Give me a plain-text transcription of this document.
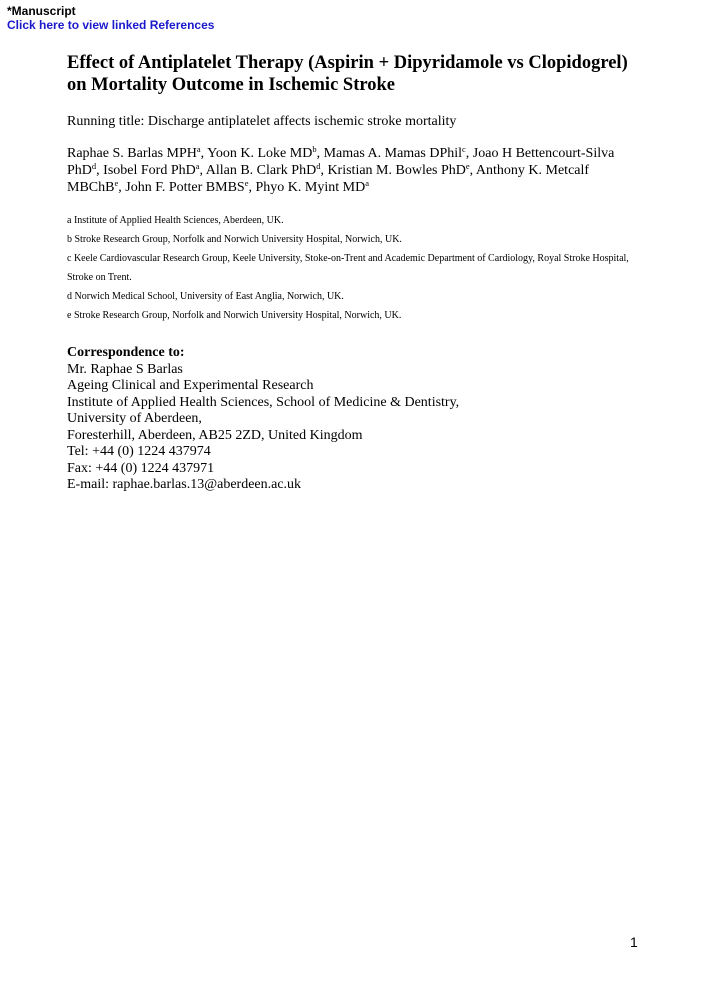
*Manuscript
Click here to view linked References
Effect of Antiplatelet Therapy (Aspirin + Dipyridamole vs Clopidogrel) on Mortality Outcome in Ischemic Stroke
Running title: Discharge antiplatelet affects ischemic stroke mortality
Raphae S. Barlas MPH$^a$, Yoon K. Loke $MD^b$, Mamas A. Mamas DPhil$^c$, Joao H Bettencourt-Silva PhD$^d$, Isobel Ford PhD$^a$, Allan B. Clark PhD$^d$, Kristian M. Bowles PhD$^e$, Anthony K. Metcalf MBChB$^e$, John F. Potter BMBS$^e$, Phyo K. Myint $MD^a$
a Institute of Applied Health Sciences, Aberdeen, UK.
b Stroke Research Group, Norfolk and Norwich University Hospital, Norwich, UK.
c Keele Cardiovascular Research Group, Keele University, Stoke-on-Trent and Academic Department of Cardiology, Royal Stroke Hospital, Stroke on Trent.
d Norwich Medical School, University of East Anglia, Norwich, UK.
e Stroke Research Group, Norfolk and Norwich University Hospital, Norwich, UK.
Correspondence to:
Mr. Raphae S Barlas
Ageing Clinical and Experimental Research
Institute of Applied Health Sciences, School of Medicine & Dentistry,
University of Aberdeen,
Foresterhill, Aberdeen, AB25 2ZD, United Kingdom
Tel: +44 (0) 1224 437974
Fax: +44 (0) 1224 437971
E-mail: raphae.barlas.13@aberdeen.ac.uk
1
